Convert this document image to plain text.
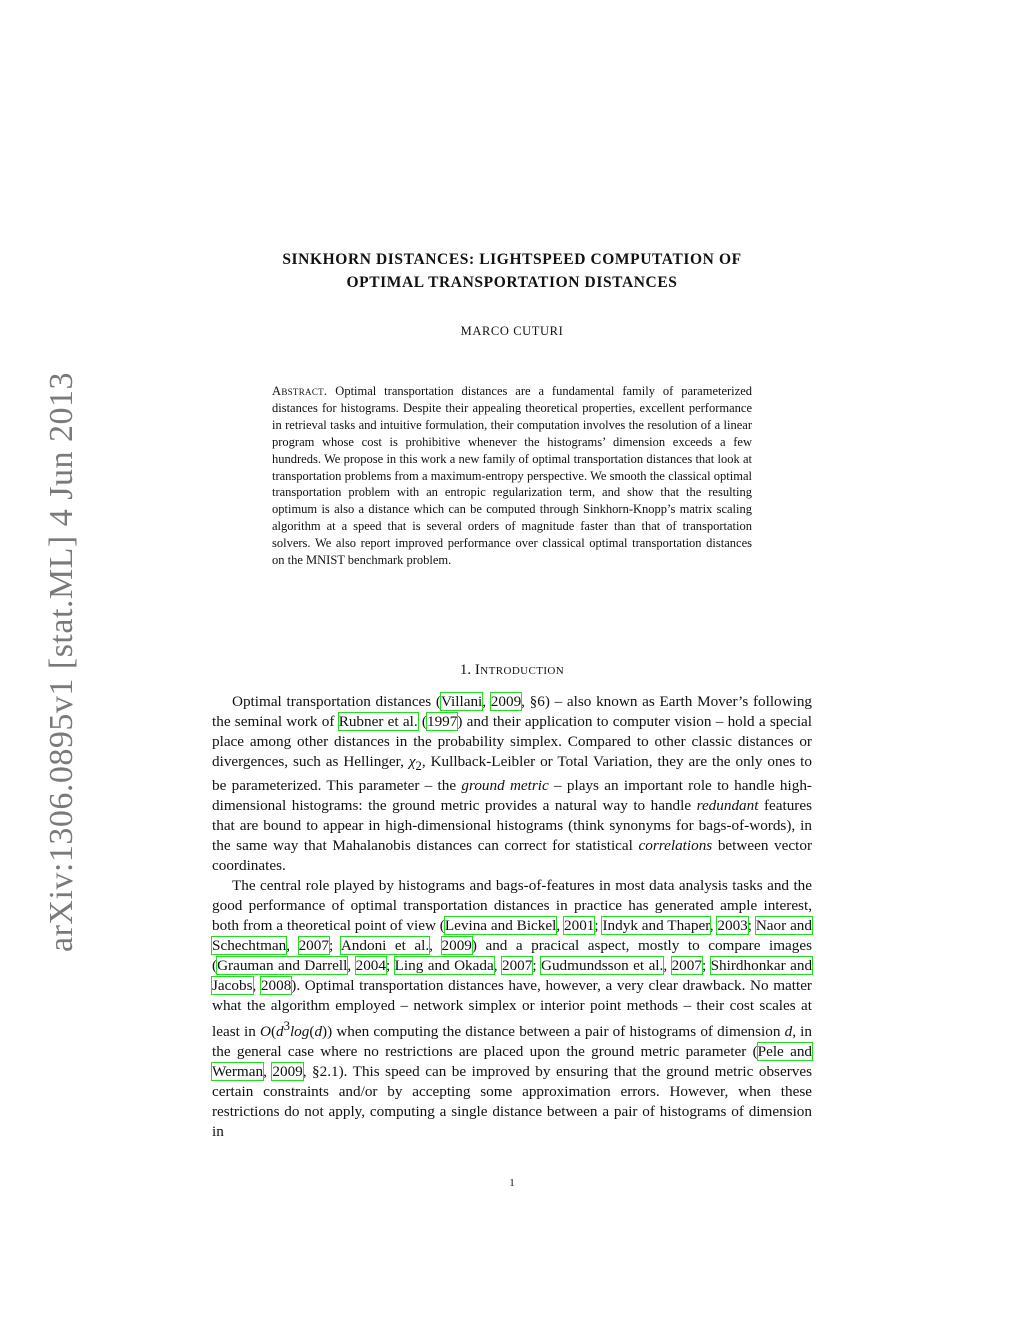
arXiv:1306.0895v1 [stat.ML] 4 Jun 2013
SINKHORN DISTANCES: LIGHTSPEED COMPUTATION OF
OPTIMAL TRANSPORTATION DISTANCES
MARCO CUTURI
Abstract. Optimal transportation distances are a fundamental family of parameterized distances for histograms. Despite their appealing theoretical properties, excellent performance in retrieval tasks and intuitive formulation, their computation involves the resolution of a linear program whose cost is prohibitive whenever the histograms’ dimension exceeds a few hundreds. We propose in this work a new family of optimal transportation distances that look at transportation problems from a maximum-entropy perspective. We smooth the classical optimal transportation problem with an entropic regularization term, and show that the resulting optimum is also a distance which can be computed through Sinkhorn-Knopp’s matrix scaling algorithm at a speed that is several orders of magnitude faster than that of transportation solvers. We also report improved performance over classical optimal transportation distances on the MNIST benchmark problem.
1. Introduction

Optimal transportation distances (Villani, 2009, §6) – also known as Earth Mover’s following the seminal work of Rubner et al. (1997) and their application to computer vision – hold a special place among other distances in the probability simplex. Compared to other classic distances or divergences, such as Hellinger, $\chi_2$, Kullback-Leibler or Total Variation, they are the only ones to be parameterized. This parameter – the ground metric – plays an important role to handle high-dimensional histograms: the ground metric provides a natural way to handle redundant features that are bound to appear in high-dimensional histograms (think synonyms for bags-of-words), in the same way that Mahalanobis distances can correct for statistical correlations between vector coordinates.

The central role played by histograms and bags-of-features in most data analysis tasks and the good performance of optimal transportation distances in practice has generated ample interest, both from a theoretical point of view (Levina and Bickel, 2001; Indyk and Thaper, 2003; Naor and Schechtman, 2007; Andoni et al., 2009) and a pracical aspect, mostly to compare images (Grauman and Darrell, 2004; Ling and Okada, 2007; Gudmundsson et al., 2007; Shirdhonkar and Jacobs, 2008). Optimal transportation distances have, however, a very clear drawback. No matter what the algorithm employed – network simplex or interior point methods – their cost scales at least in $O(d^3\log(d))$ when computing the distance between a pair of histograms of dimension d, in the general case where no restrictions are placed upon the ground metric parameter (Pele and Werman, 2009, §2.1). This speed can be improved by ensuring that the ground metric observes certain constraints and/or by accepting some approximation errors. However, when these restrictions do not apply, computing a single distance between a pair of histograms of dimension in

1
